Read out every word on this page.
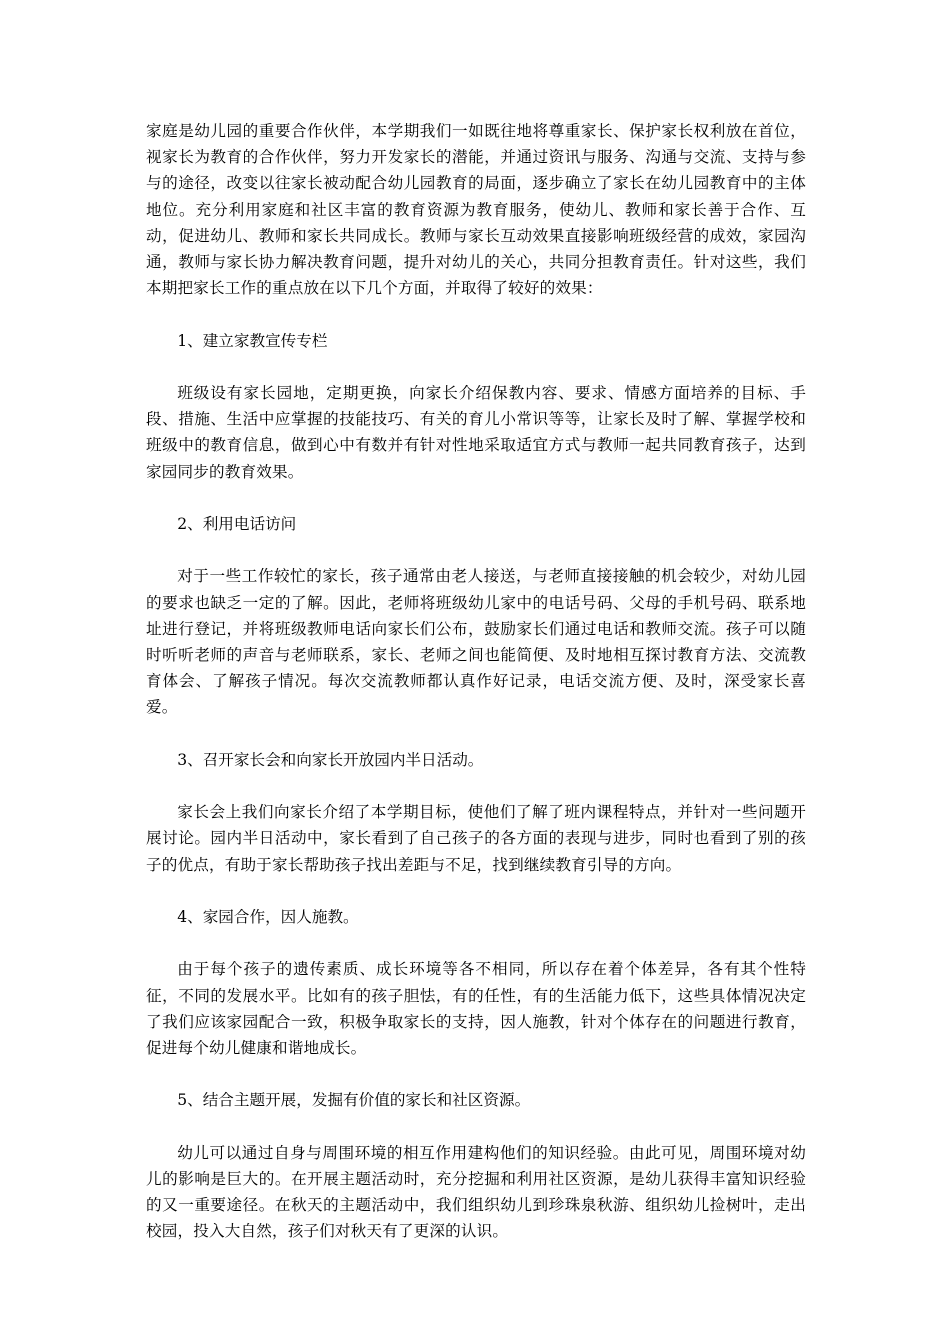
家庭是幼儿园的重要合作伙伴，本学期我们一如既往地将尊重家长、保护家长权利放在首位，视家长为教育的合作伙伴，努力开发家长的潜能，并通过资讯与服务、沟通与交流、支持与参与的途径，改变以往家长被动配合幼儿园教育的局面，逐步确立了家长在幼儿园教育中的主体地位。充分利用家庭和社区丰富的教育资源为教育服务，使幼儿、教师和家长善于合作、互动，促进幼儿、教师和家长共同成长。教师与家长互动效果直接影响班级经营的成效，家园沟通，教师与家长协力解决教育问题，提升对幼儿的关心，共同分担教育责任。针对这些，我们本期把家长工作的重点放在以下几个方面，并取得了较好的效果：

1、建立家教宣传专栏

班级设有家长园地，定期更换，向家长介绍保教内容、要求、情感方面培养的目标、手段、措施、生活中应掌握的技能技巧、有关的育儿小常识等等，让家长及时了解、掌握学校和班级中的教育信息，做到心中有数并有针对性地采取适宜方式与教师一起共同教育孩子，达到家园同步的教育效果。

2、利用电话访问

对于一些工作较忙的家长，孩子通常由老人接送，与老师直接接触的机会较少，对幼儿园的要求也缺乏一定的了解。因此，老师将班级幼儿家中的电话号码、父母的手机号码、联系地址进行登记，并将班级教师电话向家长们公布，鼓励家长们通过电话和教师交流。孩子可以随时听听老师的声音与老师联系，家长、老师之间也能简便、及时地相互探讨教育方法、交流教育体会、了解孩子情况。每次交流教师都认真作好记录，电话交流方便、及时，深受家长喜爱。

3、召开家长会和向家长开放园内半日活动。

家长会上我们向家长介绍了本学期目标，使他们了解了班内课程特点，并针对一些问题开展讨论。园内半日活动中，家长看到了自己孩子的各方面的表现与进步，同时也看到了别的孩子的优点，有助于家长帮助孩子找出差距与不足，找到继续教育引导的方向。

4、家园合作，因人施教。

由于每个孩子的遗传素质、成长环境等各不相同，所以存在着个体差异，各有其个性特征，不同的发展水平。比如有的孩子胆怯，有的任性，有的生活能力低下，这些具体情况决定了我们应该家园配合一致，积极争取家长的支持，因人施教，针对个体存在的问题进行教育，促进每个幼儿健康和谐地成长。

5、结合主题开展，发掘有价值的家长和社区资源。

幼儿可以通过自身与周围环境的相互作用建构他们的知识经验。由此可见，周围环境对幼儿的影响是巨大的。在开展主题活动时，充分挖掘和利用社区资源，是幼儿获得丰富知识经验的又一重要途径。在秋天的主题活动中，我们组织幼儿到珍珠泉秋游、组织幼儿捡树叶，走出校园，投入大自然，孩子们对秋天有了更深的认识。
